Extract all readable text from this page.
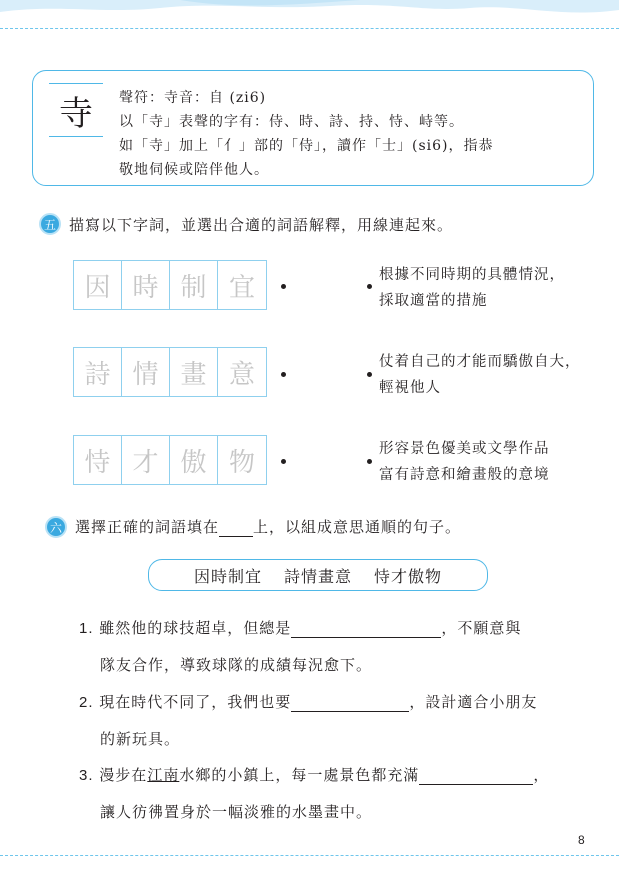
寺	聲符：寺音：自 (zi6)
以「寺」表聲的字有：侍、時、詩、持、恃、峙等。
如「寺」加上「亻」部的「侍」，讀作「士」(si6)，指恭
敬地伺候或陪伴他人。
五 描寫以下字詞，並選出合適的詞語解釋，用線連起來。
因 時 制 宜	根據不同時期的具體情況，
採取適當的措施
詩 情 畫 意	仗着自己的才能而驕傲自大，
輕視他人
恃 才 傲 物	形容景色優美或文學作品
富有詩意和繪畫般的意境
六 選擇正確的詞語填在 上，以組成意思通順的句子。
因時制宜 詩情畫意 恃才傲物
1. 雖然他的球技超卓，但總是	，不願意與
隊友合作，導致球隊的成績每況愈下。
2. 現在時代不同了，我們也要	，設計適合小朋友
的新玩具。
3. 漫步在江南水鄉的小鎮上，每一處景色都充滿	，
讓人彷彿置身於一幅淡雅的水墨畫中。
8
